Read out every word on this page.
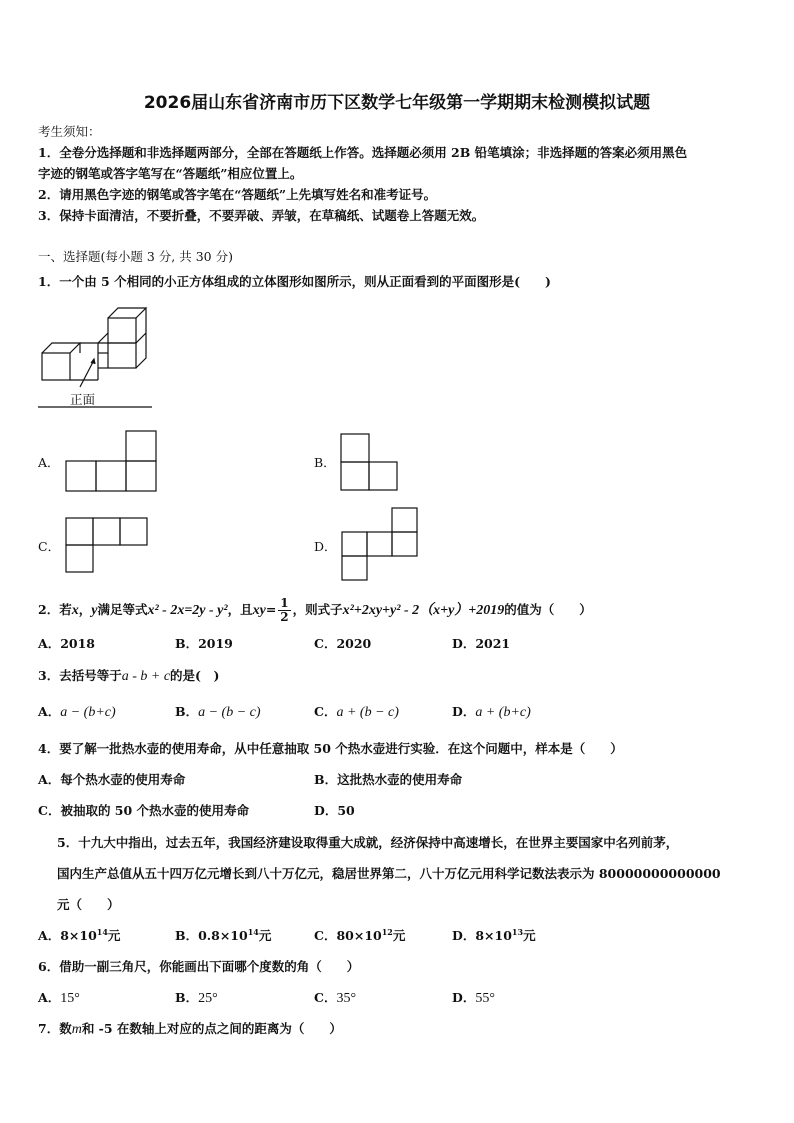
2026届山东省济南市历下区数学七年级第一学期期末检测模拟试题
考生须知：
1．全卷分选择题和非选择题两部分，全部在答题纸上作答。选择题必须用 2B 铅笔填涂；非选择题的答案必须用黑色
字迹的钢笔或答字笔写在“答题纸”相应位置上。
2．请用黑色字迹的钢笔或答字笔在“答题纸”上先填写姓名和准考证号。
3．保持卡面清洁，不要折叠，不要弄破、弄皱，在草稿纸、试题卷上答题无效。
一、选择题(每小题 3 分, 共 30 分)
1．一个由 5 个相同的小正方体组成的立体图形如图所示，则从正面看到的平面图形是(　　)
正面
A．	B．
C．	D．
2．若x，y满足等式x² - 2x=2y - y²，且$xy= \frac{1}{2}$ ，则式子x²+2xy+y² - 2（x+y）+2019的值为（　　）
A．2018	B．2019	C．2020	D．2021
3．去括号等于a - b + c的是(　)
A．a − (b+c)	B．a − (b − c)	C．a + (b − c)	D．a + (b+c)
4．要了解一批热水壶的使用寿命，从中任意抽取 50 个热水壶进行实验．在这个问题中，样本是（　　）
A．每个热水壶的使用寿命	B．这批热水壶的使用寿命
C．被抽取的 50 个热水壶的使用寿命	D．50
5．十九大中指出，过去五年，我国经济建设取得重大成就，经济保持中高速增长，在世界主要国家中名列前茅，
国内生产总值从五十四万亿元增长到八十万亿元，稳居世界第二，八十万亿元用科学记数法表示为 80000000000000
元（　　）
A．$8\times 10^{14}$元	B．$0.8\times 10^{14}$元	C．$80\times 10^{12}$元	D．$8\times 10^{13}$元
6．借助一副三角尺，你能画出下面哪个度数的角（　　）
A．15°	B．25°	C．35°	D．55°
7．数m和 -5 在数轴上对应的点之间的距离为（　　）
